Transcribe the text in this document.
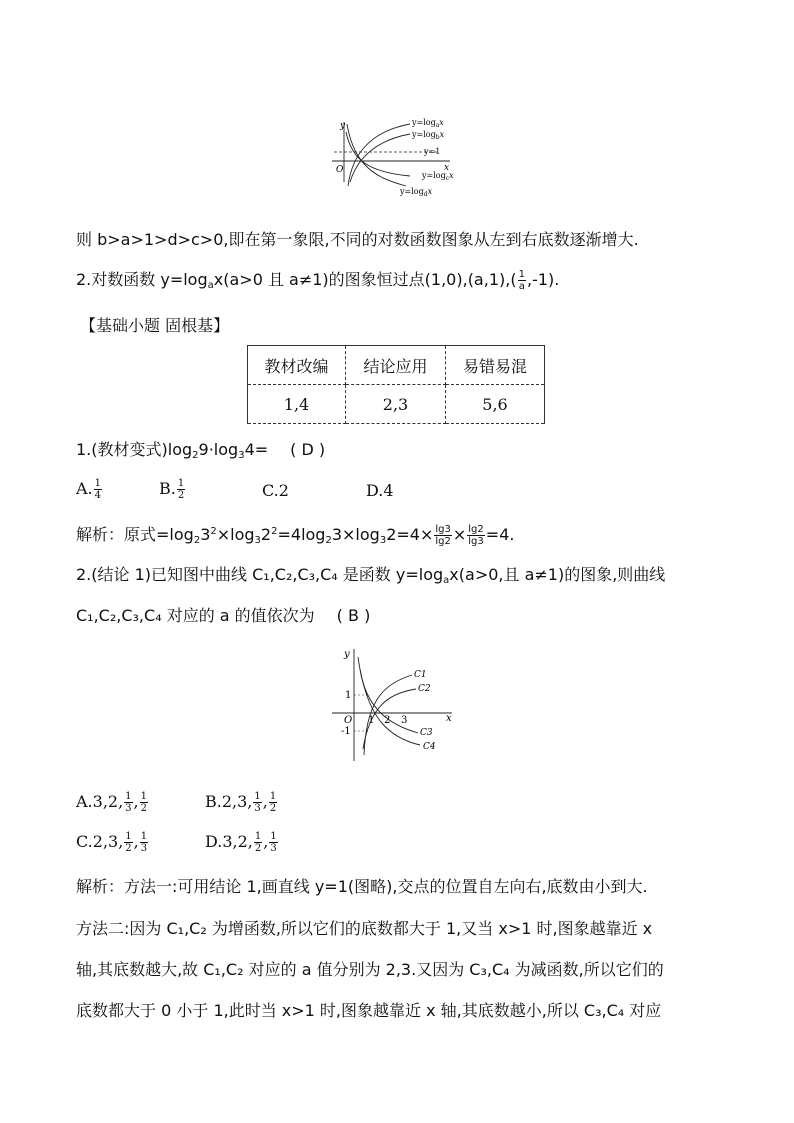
y
x
O
$y=\log_ax$
$y=\log_bx$
y=1
$y=\log_cx$
$y=\log_dx$
则 b>a>1>d>c>0,即在第一象限,不同的对数函数图象从左到右底数逐渐增大.
2.对数函数 $y=\log_ax(a>0$ 且 a≠1)的图象恒过点$(1,0),(a,1),( \frac{1}{a} ,-1)$.
【基础小题 固根基】
教材改编	结论应用	易错易混
1,4	2,3	5,6
1.(教材变式)$\log_29\cdot\log_34=$ ( D )
A. $\frac{1}{4}$	B. $\frac{1}{2}$	C.2	D.4
解析：原式$=\log_23^2\times\log_32^2=4\log_23\times\log_32=4\times \frac{\lg 3}{\lg 2} \times \frac{\lg 2}{\lg 3} =4$.
2.(结论 1)已知图中曲线 C₁,C₂,C₃,C₄ 是函数 $y=\log_ax(a>0$,且 a≠1)的图象,则曲线
C₁,C₂,C₃,C₄ 对应的 a 的值依次为 ( B )
y
x
O 1 2 3
1
-1
C1
C2
C3
C4
A.3,2, $\frac{1}{3}$ , $\frac{1}{2}$	B.2,3, $\frac{1}{3}$ , $\frac{1}{2}$
C.2,3, $\frac{1}{2}$ , $\frac{1}{3}$	D.3,2, $\frac{1}{2}$ , $\frac{1}{3}$
解析：方法一:可用结论 1,画直线 y=1(图略),交点的位置自左向右,底数由小到大.
方法二:因为 C₁,C₂ 为增函数,所以它们的底数都大于 1,又当 x>1 时,图象越靠近 x
轴,其底数越大,故 C₁,C₂ 对应的 a 值分别为 2,3.又因为 C₃,C₄ 为减函数,所以它们的
底数都大于 0 小于 1,此时当 x>1 时,图象越靠近 x 轴,其底数越小,所以 C₃,C₄ 对应
